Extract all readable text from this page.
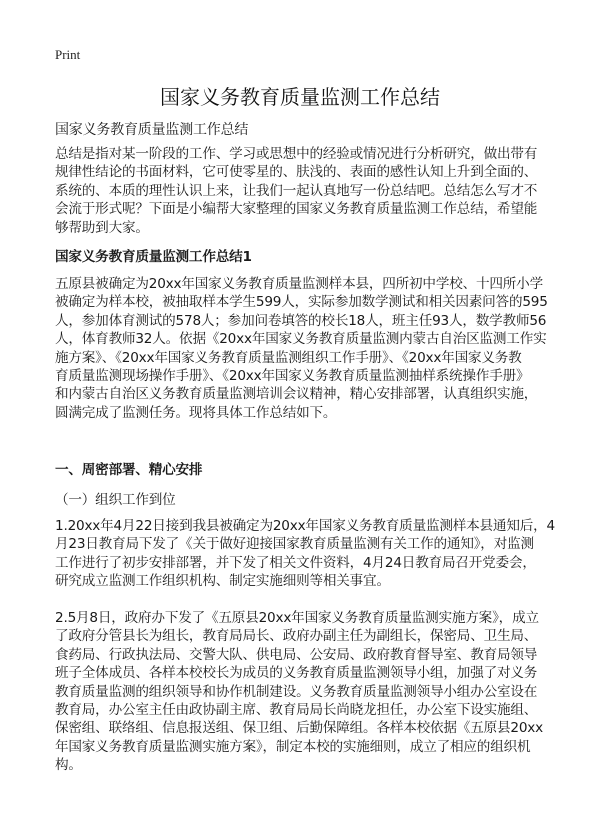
Print
国家义务教育质量监测工作总结
国家义务教育质量监测工作总结
总结是指对某一阶段的工作、学习或思想中的经验或情况进行分析研究，做出带有
规律性结论的书面材料，它可使零星的、肤浅的、表面的感性认知上升到全面的、
系统的、本质的理性认识上来，让我们一起认真地写一份总结吧。总结怎么写才不
会流于形式呢？下面是小编帮大家整理的国家义务教育质量监测工作总结，希望能
够帮助到大家。
国家义务教育质量监测工作总结1
五原县被确定为20xx年国家义务教育质量监测样本县，四所初中学校、十四所小学
被确定为样本校，被抽取样本学生599人，实际参加数学测试和相关因素问答的595
人，参加体育测试的578人；参加问卷填答的校长18人，班主任93人，数学教师56
人，体育教师32人。依据《20xx年国家义务教育质量监测内蒙古自治区监测工作实
施方案》、《20xx年国家义务教育质量监测组织工作手册》、《20xx年国家义务教
育质量监测现场操作手册》、《20xx年国家义务教育质量监测抽样系统操作手册》
和内蒙古自治区义务教育质量监测培训会议精神，精心安排部署，认真组织实施，
圆满完成了监测任务。现将具体工作总结如下。
一、周密部署、精心安排
（一）组织工作到位
1.20xx年4月22日接到我县被确定为20xx年国家义务教育质量监测样本县通知后，4
月23日教育局下发了《关于做好迎接国家教育质量监测有关工作的通知》，对监测
工作进行了初步安排部署，并下发了相关文件资料，4月24日教育局召开党委会，
研究成立监测工作组织机构、制定实施细则等相关事宜。
2.5月8日，政府办下发了《五原县20xx年国家义务教育质量监测实施方案》，成立
了政府分管县长为组长，教育局局长、政府办副主任为副组长，保密局、卫生局、
食药局、行政执法局、交警大队、供电局、公安局、政府教育督导室、教育局领导
班子全体成员、各样本校校长为成员的义务教育质量监测领导小组，加强了对义务
教育质量监测的组织领导和协作机制建设。义务教育质量监测领导小组办公室设在
教育局，办公室主任由政协副主席、教育局局长尚晓龙担任，办公室下设实施组、
保密组、联络组、信息报送组、保卫组、后勤保障组。各样本校依据《五原县20xx
年国家义务教育质量监测实施方案》，制定本校的实施细则，成立了相应的组织机
构。
